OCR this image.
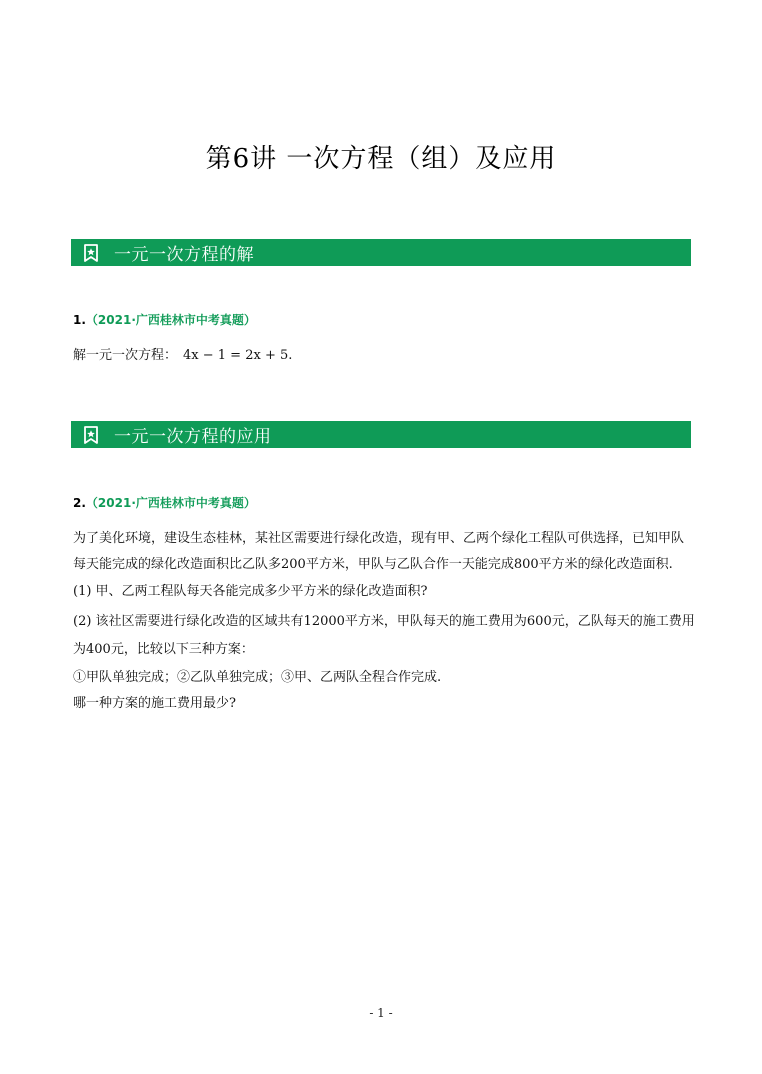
第6讲 一次方程（组）及应用
一元一次方程的解
1.（2021·广西桂林市中考真题）
解一元一次方程： 4x − 1 = 2x + 5.
一元一次方程的应用
2.（2021·广西桂林市中考真题）
为了美化环境，建设生态桂林，某社区需要进行绿化改造，现有甲、乙两个绿化工程队可供选择，已知甲队
每天能完成的绿化改造面积比乙队多200平方米，甲队与乙队合作一天能完成800平方米的绿化改造面积.
(1) 甲、乙两工程队每天各能完成多少平方米的绿化改造面积?
(2) 该社区需要进行绿化改造的区域共有12000平方米，甲队每天的施工费用为600元，乙队每天的施工费用
为400元，比较以下三种方案：
①甲队单独完成；②乙队单独完成；③甲、乙两队全程合作完成.
哪一种方案的施工费用最少?
- 1 -
